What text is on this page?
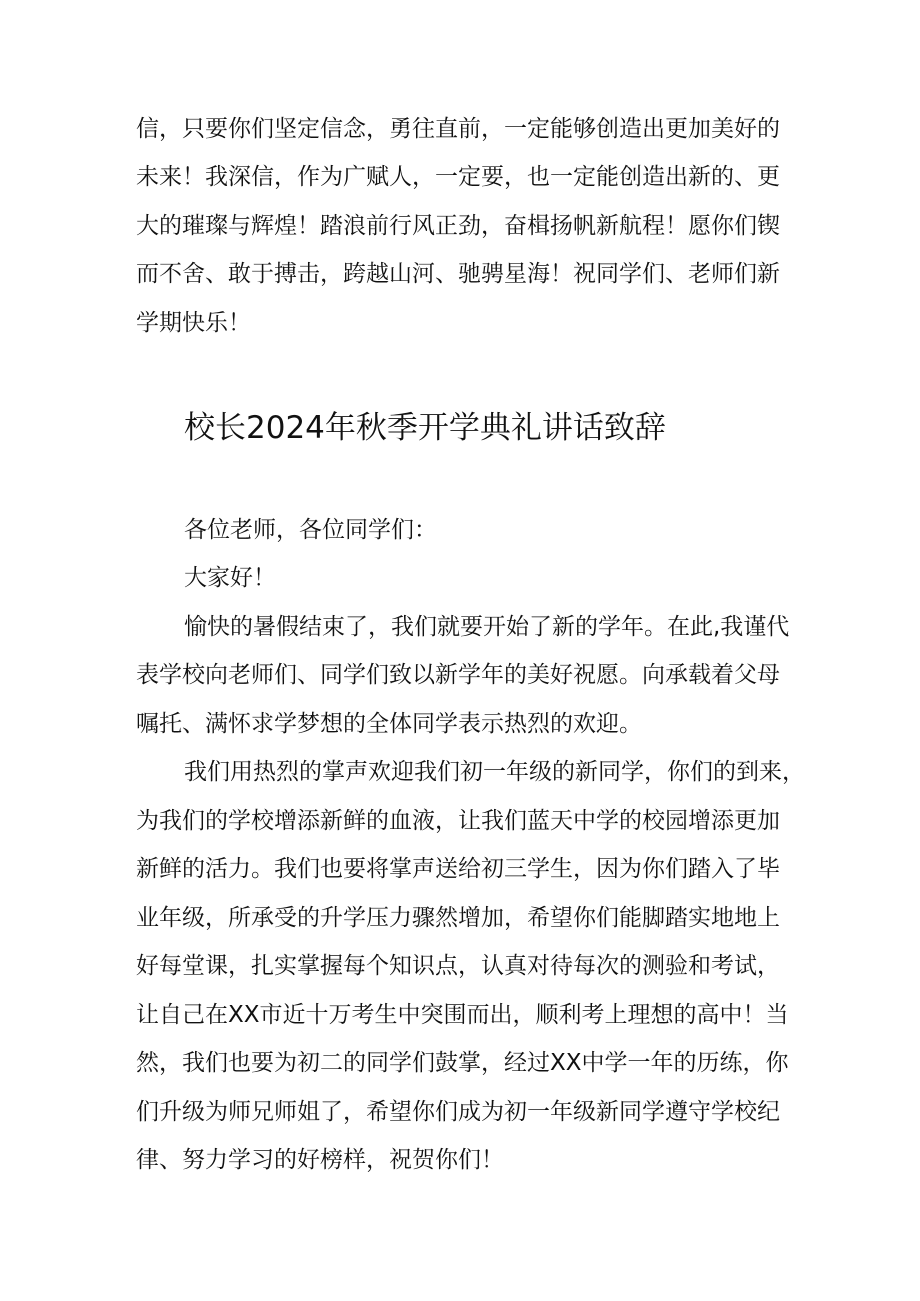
信，只要你们坚定信念，勇往直前，一定能够创造出更加美好的
未来！我深信，作为广赋人，一定要，也一定能创造出新的、更
大的璀璨与辉煌！踏浪前行风正劲，奋楫扬帆新航程！愿你们锲
而不舍、敢于搏击，跨越山河、驰骋星海！祝同学们、老师们新
学期快乐！
校长2024年秋季开学典礼讲话致辞
各位老师，各位同学们：
大家好！
愉快的暑假结束了，我们就要开始了新的学年。在此,我谨代
表学校向老师们、同学们致以新学年的美好祝愿。向承载着父母
嘱托、满怀求学梦想的全体同学表示热烈的欢迎。
我们用热烈的掌声欢迎我们初一年级的新同学，你们的到来，
为我们的学校增添新鲜的血液，让我们蓝天中学的校园增添更加
新鲜的活力。我们也要将掌声送给初三学生，因为你们踏入了毕
业年级，所承受的升学压力骤然增加，希望你们能脚踏实地地上
好每堂课，扎实掌握每个知识点，认真对待每次的测验和考试，
让自己在XX市近十万考生中突围而出，顺利考上理想的高中！当
然，我们也要为初二的同学们鼓掌，经过XX中学一年的历练，你
们升级为师兄师姐了，希望你们成为初一年级新同学遵守学校纪
律、努力学习的好榜样，祝贺你们！
